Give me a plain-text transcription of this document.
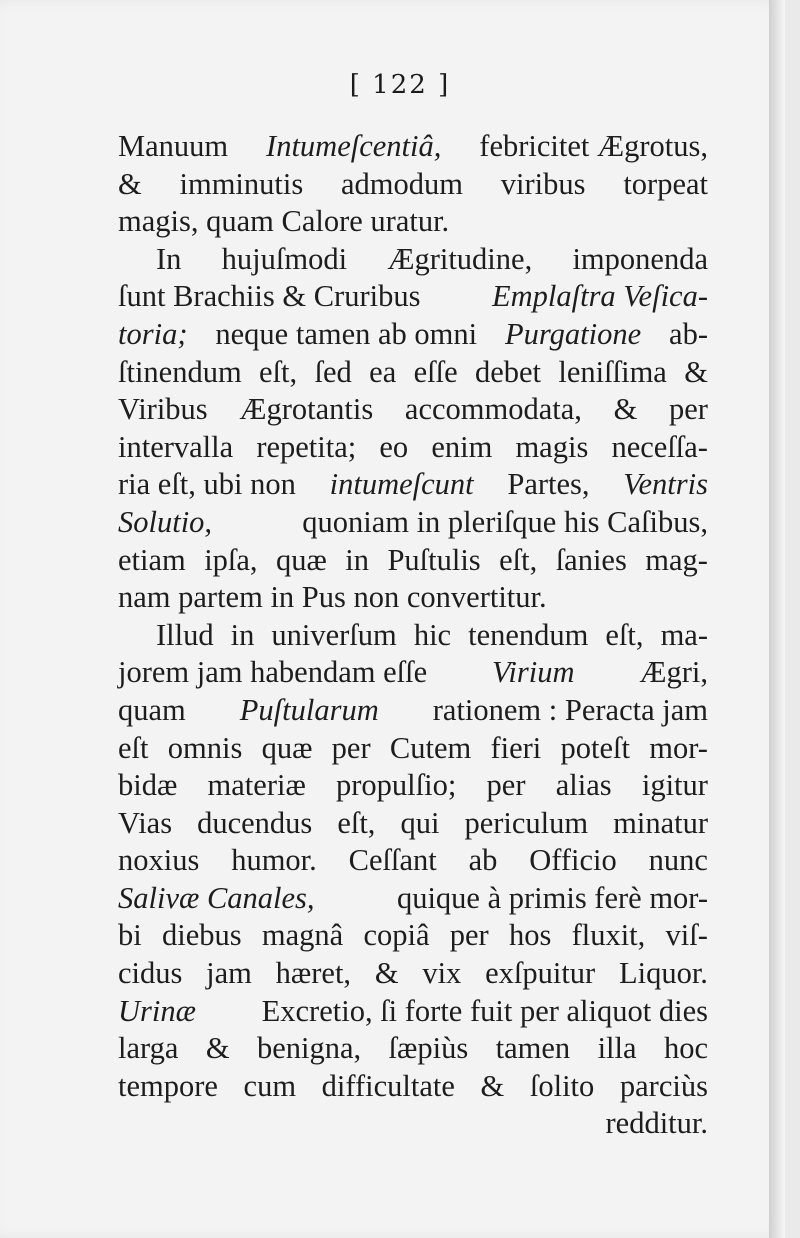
[ 122 ]
Manuum Intumeſcentiâ, febricitet Ægrotus,
& imminutis admodum viribus torpeat
magis, quam Calore uratur.
In hujuſmodi Ægritudine, imponenda
ſunt Brachiis & Cruribus Emplaſtra Veſica-
toria; neque tamen ab omni Purgatione ab-
ſtinendum eſt, ſed ea eſſe debet leniſſima &
Viribus Ægrotantis accommodata, & per
intervalla repetita; eo enim magis neceſſa-
ria eſt, ubi non intumeſcunt Partes, Ventris
Solutio,	quoniam in pleriſque his Caſibus,
etiam ipſa, quæ in Puſtulis eſt, ſanies mag-
nam partem in Pus non convertitur.
Illud in univerſum hic tenendum eſt, ma-
jorem jam habendam eſſe Virium Ægri,
quam Puſtularum rationem : Peracta jam
eſt omnis quæ per Cutem fieri poteſt mor-
bidæ materiæ propulſio; per alias igitur
Vias ducendus eſt, qui periculum minatur
noxius humor. Ceſſant ab Officio nunc
Salivæ Canales,	quique à primis ferè mor-
bi diebus magnâ copiâ per hos fluxit, viſ-
cidus jam hæret, & vix exſpuitur Liquor.
Urinæ Excretio, ſi forte fuit per aliquot dies
larga & benigna, ſæpiùs tamen illa hoc
tempore cum difficultate & ſolito parciùs
redditur.
